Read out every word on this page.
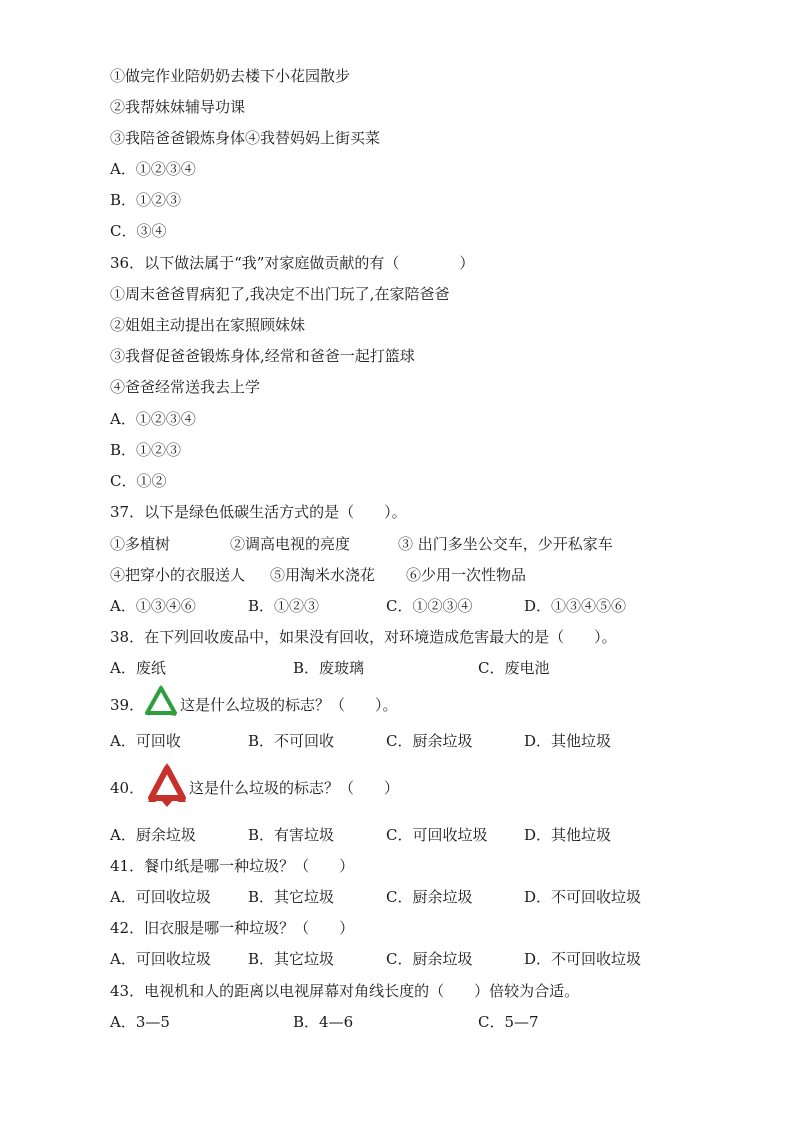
①做完作业陪奶奶去楼下小花园散步
②我帮妹妹辅导功课
③我陪爸爸锻炼身体④我替妈妈上街买菜
A．①②③④
B．①②③
C．③④
36．以下做法属于“我”对家庭做贡献的有（　　　　）
①周末爸爸胃病犯了,我决定不出门玩了,在家陪爸爸
②姐姐主动提出在家照顾妹妹
③我督促爸爸锻炼身体,经常和爸爸一起打篮球
④爸爸经常送我去上学
A．①②③④
B．①②③
C．①②
37．以下是绿色低碳生活方式的是（　　）。
①多植树	②调高电视的亮度	③ 出门多坐公交车，少开私家车
④把穿小的衣服送人 ⑤用淘米水浇花 ⑥少用一次性物品
A．①③④⑥	B．①②③	C．①②③④	D．①③④⑤⑥
38．在下列回收废品中，如果没有回收，对环境造成危害最大的是（　　）。
A．废纸	B．废玻璃	C．废电池
39． 这是什么垃圾的标志？（　　）。
A．可回收	B．不可回收	C．厨余垃圾	D．其他垃圾
40．	这是什么垃圾的标志？（　　）
A．厨余垃圾	B．有害垃圾	C．可回收垃圾 D．其他垃圾
41．餐巾纸是哪一种垃圾？（　　）
A．可回收垃圾 B．其它垃圾	C．厨余垃圾	D．不可回收垃圾
42．旧衣服是哪一种垃圾？（　　）
A．可回收垃圾 B．其它垃圾	C．厨余垃圾	D．不可回收垃圾
43．电视机和人的距离以电视屏幕对角线长度的（　　）倍较为合适。
A．3—5	B．4—6	C．5—7
